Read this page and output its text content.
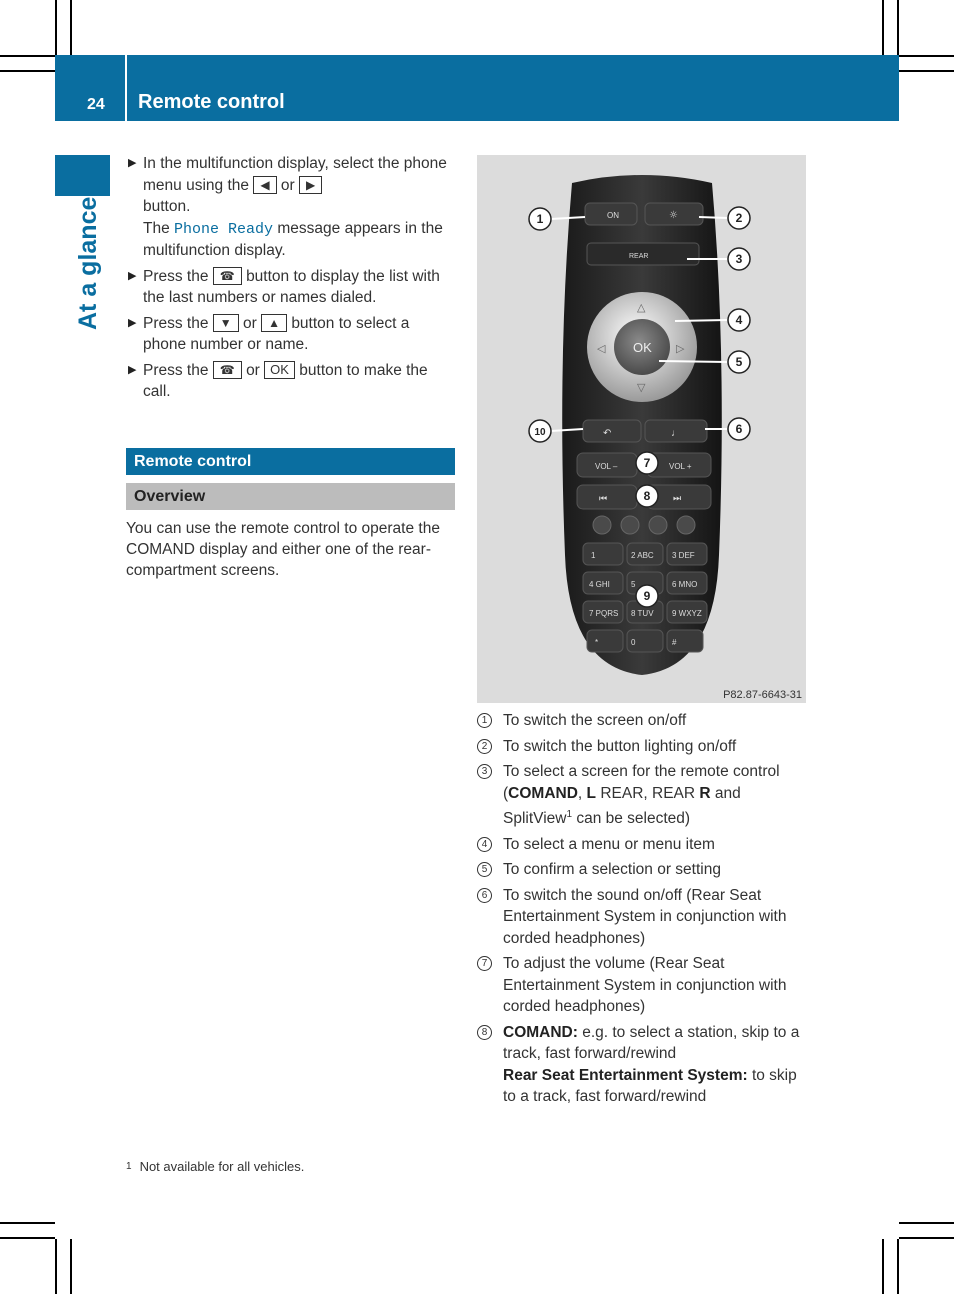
24 Remote control
At a glance
▶ In the multifunction display, select the phone menu using the ◀ or ▶
button.
The Phone Ready message appears in the multifunction display.
▶ Press the ☎ button to display the list with the last numbers or names dialed.
▶ Press the ▼ or ▲ button to select a phone number or name.
▶ Press the ☎ or OK button to make the call.
Remote control
Overview
You can use the remote control to operate the COMAND display and either one of the rear-compartment screens.
ON	☼
REAR
OK
△
▽
◁	▷
↶	♩
VOL –	VOL +
⏮	⏭
1	2 ABC 3 DEF
4 GHI	5	6 MNO
7 PQRS 8 TUV 9 WXYZ
*	0	#
1	2
3
4
5
6
7
8
9
10
P82.87-6643-31
1	To switch the screen on/off
2	To switch the button lighting on/off
3	To select a screen for the remote control (COMAND, L REAR, REAR R and SplitView$^1$ can be selected)
4	To select a menu or menu item
5	To confirm a selection or setting
6	To switch the sound on/off (Rear Seat Entertainment System in conjunction with corded headphones)
7	To adjust the volume (Rear Seat Entertainment System in conjunction with corded headphones)
8	COMAND: e.g. to select a station, skip to a track, fast forward/rewind
Rear Seat Entertainment System: to skip to a track, fast forward/rewind
1 Not available for all vehicles.
